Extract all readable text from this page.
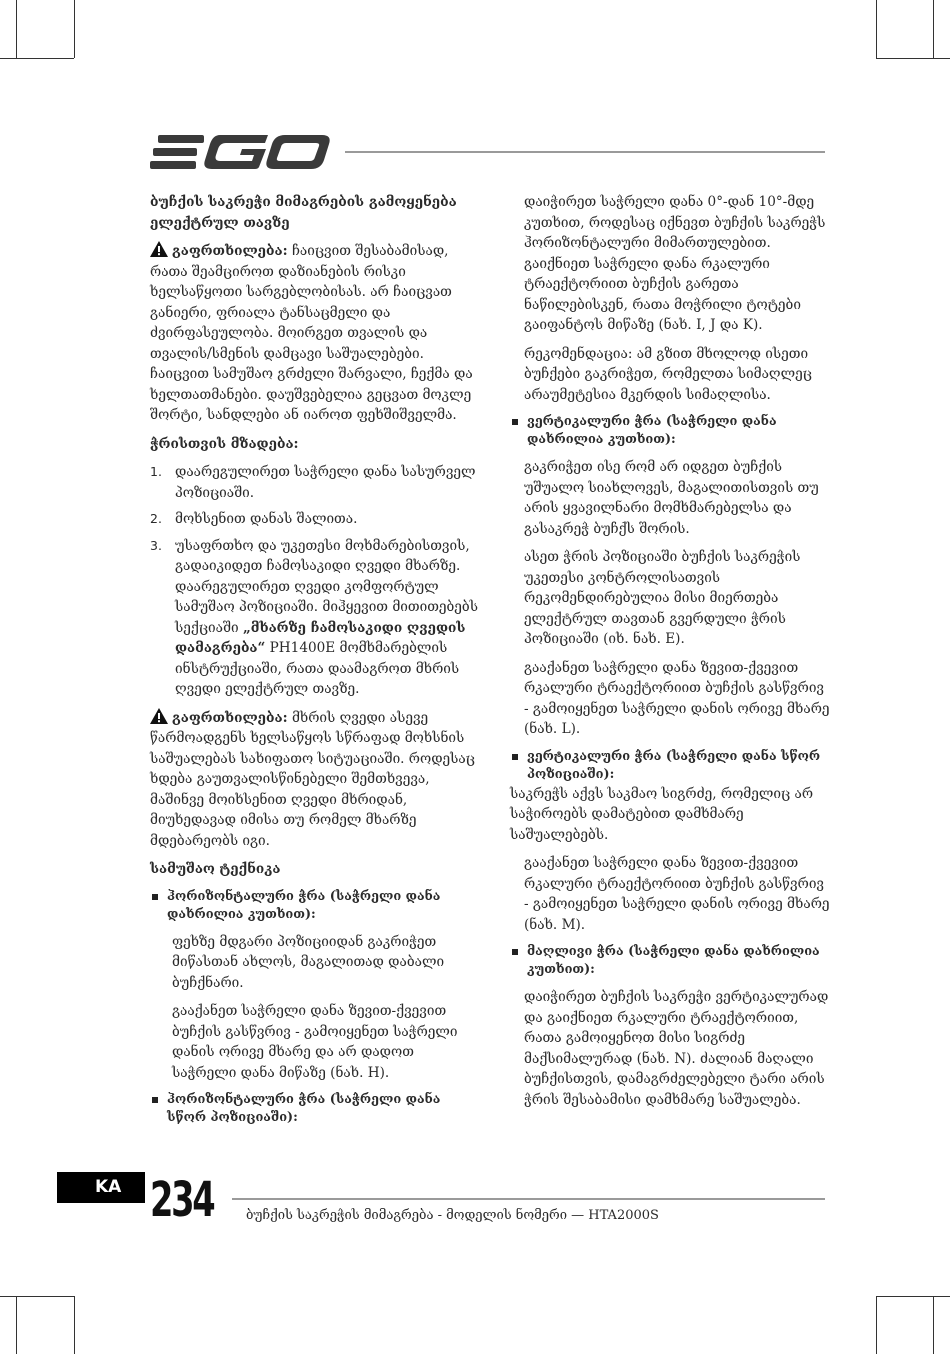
ბუჩქის საკრეჭი მიმაგრების გამოყენება ელექტრულ თავზე
გაფრთხილება: ჩაიცვით შესაბამისად, რათა შეამციროთ დაზიანების რისკი ხელსაწყოთი სარგებლობისას. არ ჩაიცვათ განიერი, ფრიალა ტანსაცმელი და ძვირფასეულობა. მოირგეთ თვალის და თვალის/სმენის დამცავი საშუალებები. ჩაიცვით სამუშაო გრძელი შარვალი, ჩექმა და ხელთათმანები. დაუშვებელია გეცვათ მოკლე შორტი, სანდლები ან იაროთ ფეხშიშველმა.
ჭრისთვის მზადება:
1. დაარეგულირეთ საჭრელი დანა სასურველ პოზიციაში.
2. მოხსენით დანას შალითა.
3. უსაფრთხო და უკეთესი მოხმარებისთვის, გადაიკიდეთ ჩამოსაკიდი ღვედი მხარზე. დაარეგულირეთ ღვედი კომფორტულ სამუშაო პოზიციაში. მიჰყევით მითითებებს სექციაში „მხარზე ჩამოსაკიდი ღვედის დამაგრება“ PH1400E მომხმარებლის ინსტრუქციაში, რათა დაამაგროთ მხრის ღვედი ელექტრულ თავზე.
გაფრთხილება: მხრის ღვედი ასევე წარმოადგენს ხელსაწყოს სწრაფად მოხსნის საშუალებას სახიფათო სიტუაციაში. როდესაც ხდება გაუთვალისწინებელი შემთხვევა, მაშინვე მოიხსენით ღვედი მხრიდან, მიუხედავად იმისა თუ რომელ მხარზე მდებარეობს იგი.
სამუშაო ტექნიკა
ჰორიზონტალური ჭრა (საჭრელი დანა დახრილია კუთხით):
ფეხზე მდგარი პოზიციიდან გაკრიჭეთ მიწასთან ახლოს, მაგალითად დაბალი ბუჩქნარი.
გააქანეთ საჭრელი დანა ზევით-ქვევით ბუჩქის გასწვრივ - გამოიყენეთ საჭრელი დანის ორივე მხარე და არ დადოთ საჭრელი დანა მიწაზე (ნახ. H).
ჰორიზონტალური ჭრა (საჭრელი დანა სწორ პოზიციაში):
დაიჭირეთ საჭრელი დანა 0°-დან 10°-მდე კუთხით, როდესაც იქნევთ ბუჩქის საკრეჭს ჰორიზონტალური მიმართულებით. გაიქნიეთ საჭრელი დანა რკალური ტრაექტორიით ბუჩქის გარეთა ნაწილებისკენ, რათა მოჭრილი ტოტები გაიფანტოს მიწაზე (ნახ. I, J და K).
რეკომენდაცია: ამ გზით მხოლოდ ისეთი ბუჩქები გაკრიჭეთ, რომელთა სიმაღლეც არაუმეტესია მკერდის სიმაღლისა.
ვერტიკალური ჭრა (საჭრელი დანა დახრილია კუთხით):
გაკრიჭეთ ისე რომ არ იდგეთ ბუჩქის უშუალო სიახლოვეს, მაგალითისთვის თუ არის ყვავილნარი მომხმარებელსა და გასაკრეჭ ბუჩქს შორის.
ასეთ ჭრის პოზიციაში ბუჩქის საკრეჭის უკეთესი კონტროლისათვის რეკომენდირებულია მისი მიერთება ელექტრულ თავთან გვერდული ჭრის პოზიციაში (იხ. ნახ. E).
გააქანეთ საჭრელი დანა ზევით-ქვევით რკალური ტრაექტორიით ბუჩქის გასწვრივ - გამოიყენეთ საჭრელი დანის ორივე მხარე (ნახ. L).
ვერტიკალური ჭრა (საჭრელი დანა სწორ პოზიციაში):
საკრეჭს აქვს საკმაო სიგრძე, რომელიც არ საჭიროებს დამატებით დამხმარე საშუალებებს.
გააქანეთ საჭრელი დანა ზევით-ქვევით რკალური ტრაექტორიით ბუჩქის გასწვრივ - გამოიყენეთ საჭრელი დანის ორივე მხარე (ნახ. M).
მაღლივი ჭრა (საჭრელი დანა დახრილია კუთხით):
დაიჭირეთ ბუჩქის საკრეჭი ვერტიკალურად და გაიქნიეთ რკალური ტრაექტორიით, რათა გამოიყენოთ მისი სიგრძე მაქსიმალურად (ნახ. N). ძალიან მაღალი ბუჩქისთვის, დამაგრძელებელი ტარი არის ჭრის შესაბამისი დამხმარე საშუალება.
KA 234	ბუჩქის საკრეჭის მიმაგრება - მოდელის ნომერი — HTA2000S
